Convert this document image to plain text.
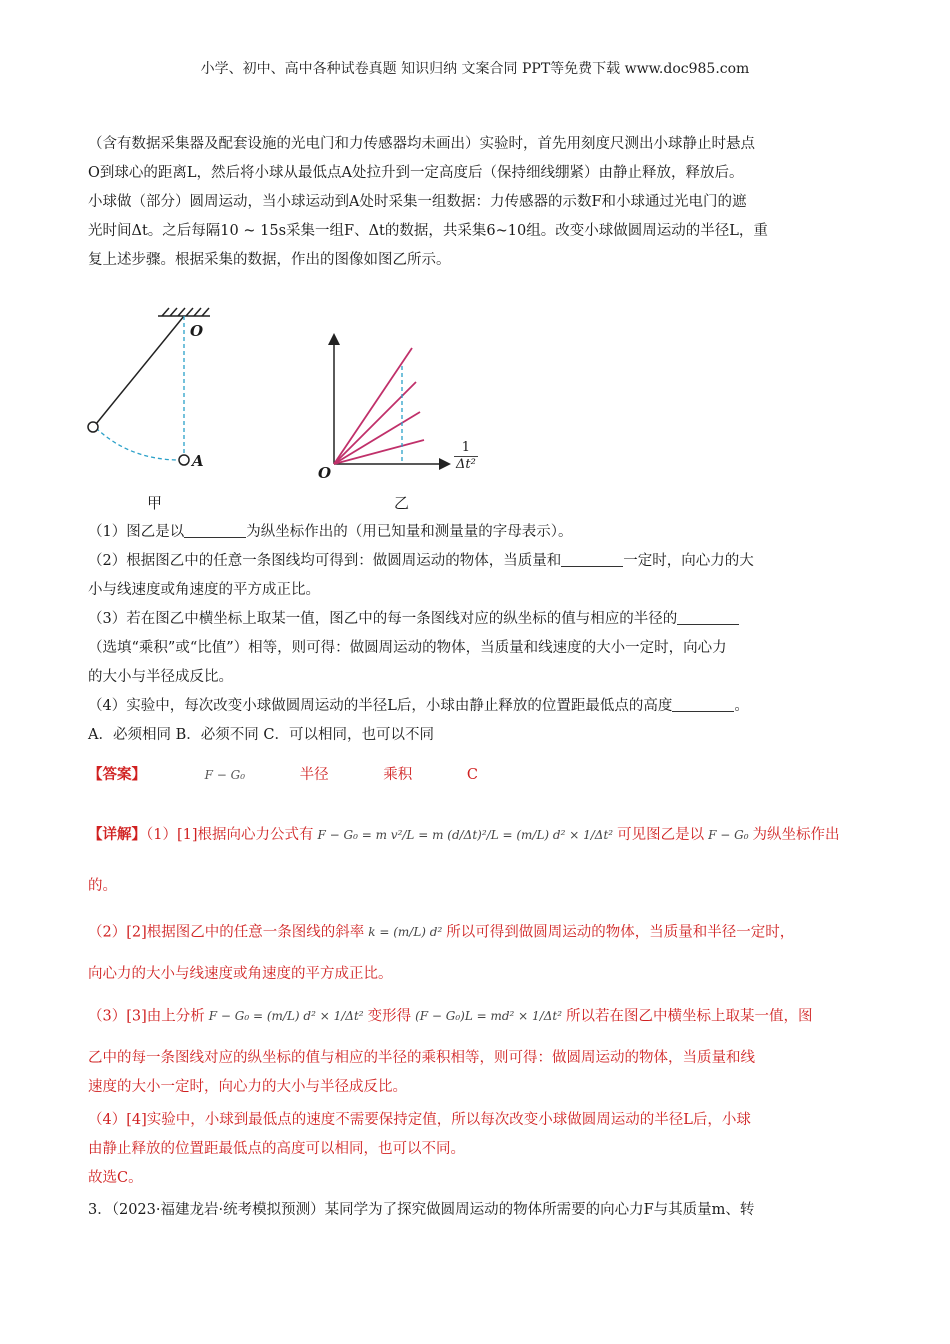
小学、初中、高中各种试卷真题 知识归纳 文案合同 PPT等免费下载 www.doc985.com

（含有数据采集器及配套设施的光电门和力传感器均未画出）实验时，首先用刻度尺测出小球静止时悬点

O到球心的距离L，然后将小球从最低点A处拉升到一定高度后（保持细线绷紧）由静止释放，释放后。

小球做（部分）圆周运动，当小球运动到A处时采集一组数据：力传感器的示数F和小球通过光电门的遮

光时间Δt。之后每隔10 ~ 15s采集一组F、Δt的数据，共采集6~10组。改变小球做圆周运动的半径L，重

复上述步骤。根据采集的数据，作出的图像如图乙所示。

O
A
甲
O	$\frac{1}{\text{Δt²}}$
乙

（1）图乙是以	为纵坐标作出的（用已知量和测量量的字母表示）。

（2）根据图乙中的任意一条图线均可得到：做圆周运动的物体，当质量和	一定时，向心力的大

小与线速度或角速度的平方成正比。

（3）若在图乙中横坐标上取某一值，图乙中的每一条图线对应的纵坐标的值与相应的半径的

（选填“乘积”或“比值”）相等，则可得：做圆周运动的物体，当质量和线速度的大小一定时，向心力

的大小与半径成反比。

（4）实验中，每次改变小球做圆周运动的半径L后，小球由静止释放的位置距最低点的高度	。

A．必须相同 B．必须不同 C．可以相同，也可以不同

【答案】	F − G₀	半径	乘积	C

【详解】（1）[1]根据向心力公式有 F − G₀ = m v²/L = m (d/Δt)²/L = (m/L) d² × 1/Δt² 可见图乙是以 F − G₀ 为纵坐标作出

的。

（2）[2]根据图乙中的任意一条图线的斜率 k = (m/L) d² 所以可得到做圆周运动的物体，当质量和半径一定时，

向心力的大小与线速度或角速度的平方成正比。

（3）[3]由上分析 F − G₀ = (m/L) d² × 1/Δt² 变形得 (F − G₀)L = md² × 1/Δt² 所以若在图乙中横坐标上取某一值，图

乙中的每一条图线对应的纵坐标的值与相应的半径的乘积相等，则可得：做圆周运动的物体，当质量和线

速度的大小一定时，向心力的大小与半径成反比。

（4）[4]实验中，小球到最低点的速度不需要保持定值，所以每次改变小球做圆周运动的半径L后，小球

由静止释放的位置距最低点的高度可以相同，也可以不同。

故选C。

3．（2023·福建龙岩·统考模拟预测）某同学为了探究做圆周运动的物体所需要的向心力F与其质量m、转
